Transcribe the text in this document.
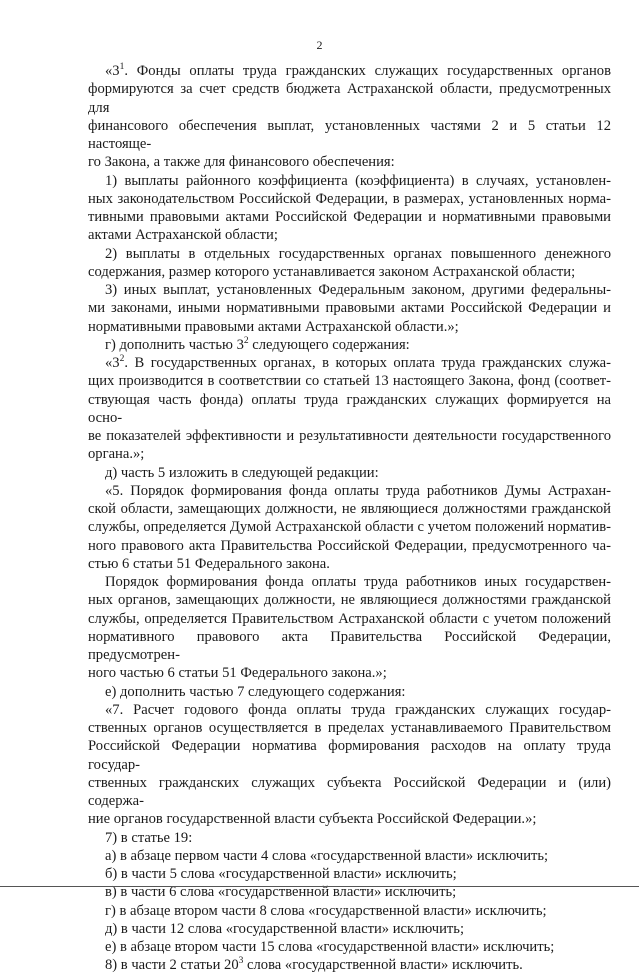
2

«$3^1$. Фонды оплаты труда гражданских служащих государственных органов

формируются за счет средств бюджета Астраханской области, предусмотренных для

финансового обеспечения выплат, установленных частями 2 и 5 статьи 12 настояще-

го Закона, а также для финансового обеспечения:

1) выплаты районного коэффициента (коэффициента) в случаях, установлен-

ных законодательством Российской Федерации, в размерах, установленных норма-

тивными правовыми актами Российской Федерации и нормативными правовыми

актами Астраханской области;

2) выплаты в отдельных государственных органах повышенного денежного

содержания, размер которого устанавливается законом Астраханской области;

3) иных выплат, установленных Федеральным законом, другими федеральны-

ми законами, иными нормативными правовыми актами Российской Федерации и

нормативными правовыми актами Астраханской области.»;

г) дополнить частью $3^2$ следующего содержания:

«$3^2$. В государственных органах, в которых оплата труда гражданских служа-

щих производится в соответствии со статьей 13 настоящего Закона, фонд (соответ-

ствующая часть фонда) оплаты труда гражданских служащих формируется на осно-

ве показателей эффективности и результативности деятельности государственного

органа.»;

д) часть 5 изложить в следующей редакции:

«5. Порядок формирования фонда оплаты труда работников Думы Астрахан-

ской области, замещающих должности, не являющиеся должностями гражданской

службы, определяется Думой Астраханской области с учетом положений норматив-

ного правового акта Правительства Российской Федерации, предусмотренного ча-

стью 6 статьи 51 Федерального закона.

Порядок формирования фонда оплаты труда работников иных государствен-

ных органов, замещающих должности, не являющиеся должностями гражданской

службы, определяется Правительством Астраханской области с учетом положений

нормативного правового акта Правительства Российской Федерации, предусмотрен-

ного частью 6 статьи 51 Федерального закона.»;

е) дополнить частью 7 следующего содержания:

«7. Расчет годового фонда оплаты труда гражданских служащих государ-

ственных органов осуществляется в пределах устанавливаемого Правительством

Российской Федерации норматива формирования расходов на оплату труда государ-

ственных гражданских служащих субъекта Российской Федерации и (или) содержа-

ние органов государственной власти субъекта Российской Федерации.»;

7) в статье 19:

а) в абзаце первом части 4 слова «государственной власти» исключить;

б) в части 5 слова «государственной власти» исключить;

в) в части 6 слова «государственной власти» исключить;

г) в абзаце втором части 8 слова «государственной власти» исключить;

д) в части 12 слова «государственной власти» исключить;

е) в абзаце втором части 15 слова «государственной власти» исключить;

8) в части 2 статьи $20^3$ слова «государственной власти» исключить.
